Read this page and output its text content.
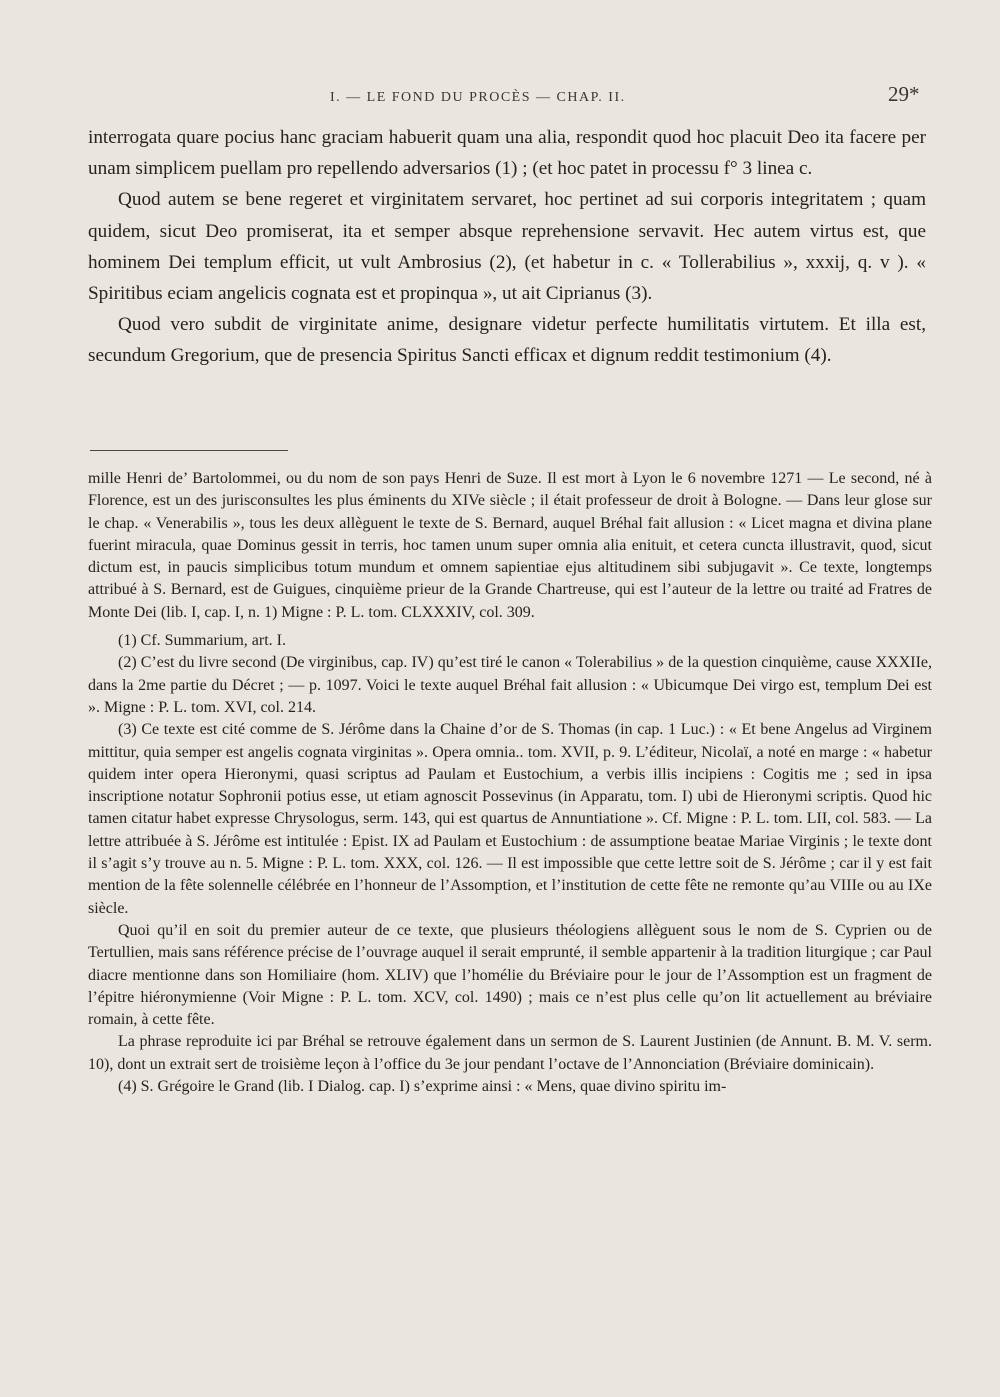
I. — LE FOND DU PROCÈS — CHAP. II.	29*

interrogata quare pocius hanc graciam habuerit quam una alia, respondit quod hoc placuit Deo ita facere per unam simplicem puellam pro repellendo adversarios (1) ; (et hoc patet in processu f° 3 linea c.

Quod autem se bene regeret et virginitatem servaret, hoc pertinet ad sui corporis integritatem ; quam quidem, sicut Deo promiserat, ita et semper absque reprehensione servavit. Hec autem virtus est, que hominem Dei templum efficit, ut vult Ambrosius (2), (et habetur in c. « Tollerabilius », xxxij, q. v ). « Spiritibus eciam angelicis cognata est et propinqua », ut ait Ciprianus (3).

Quod vero subdit de virginitate anime, designare videtur perfecte humilitatis virtutem. Et illa est, secundum Gregorium, que de presencia Spiritus Sancti efficax et dignum reddit testimonium (4).

mille Henri de’ Bartolommei, ou du nom de son pays Henri de Suze. Il est mort à Lyon le 6 novembre 1271 — Le second, né à Florence, est un des jurisconsultes les plus éminents du XIVe siècle ; il était professeur de droit à Bologne. — Dans leur glose sur le chap. « Venerabilis », tous les deux allèguent le texte de S. Bernard, auquel Bréhal fait allusion : « Licet magna et divina plane fuerint miracula, quae Dominus gessit in terris, hoc tamen unum super omnia alia enituit, et cetera cuncta illustravit, quod, sicut dictum est, in paucis simplicibus totum mundum et omnem sapientiae ejus altitudinem sibi subjugavit ». Ce texte, longtemps attribué à S. Bernard, est de Guigues, cinquième prieur de la Grande Chartreuse, qui est l’auteur de la lettre ou traité ad Fratres de Monte Dei (lib. I, cap. I, n. 1) Migne : P. L. tom. CLXXXIV, col. 309.

(1) Cf. Summarium, art. I.

(2) C’est du livre second (De virginibus, cap. IV) qu’est tiré le canon « Tolerabilius » de la question cinquième, cause XXXIIe, dans la 2me partie du Décret ; — p. 1097. Voici le texte auquel Bréhal fait allusion : « Ubicumque Dei virgo est, templum Dei est ». Migne : P. L. tom. XVI, col. 214.

(3) Ce texte est cité comme de S. Jérôme dans la Chaine d’or de S. Thomas (in cap. 1 Luc.) : « Et bene Angelus ad Virginem mittitur, quia semper est angelis cognata virginitas ». Opera omnia.. tom. XVII, p. 9. L’éditeur, Nicolaï, a noté en marge : « habetur quidem inter opera Hieronymi, quasi scriptus ad Paulam et Eustochium, a verbis illis incipiens : Cogitis me ; sed in ipsa inscriptione notatur Sophronii potius esse, ut etiam agnoscit Possevinus (in Apparatu, tom. I) ubi de Hieronymi scriptis. Quod hic tamen citatur habet expresse Chrysologus, serm. 143, qui est quartus de Annuntiatione ». Cf. Migne : P. L. tom. LII, col. 583. — La lettre attribuée à S. Jérôme est intitulée : Epist. IX ad Paulam et Eustochium : de assumptione beatae Mariae Virginis ; le texte dont il s’agit s’y trouve au n. 5. Migne : P. L. tom. XXX, col. 126. — Il est impossible que cette lettre soit de S. Jérôme ; car il y est fait mention de la fête solennelle célébrée en l’honneur de l’Assomption, et l’institution de cette fête ne remonte qu’au VIIIe ou au IXe siècle.

Quoi qu’il en soit du premier auteur de ce texte, que plusieurs théologiens allèguent sous le nom de S. Cyprien ou de Tertullien, mais sans référence précise de l’ouvrage auquel il serait emprunté, il semble appartenir à la tradition liturgique ; car Paul diacre mentionne dans son Homiliaire (hom. XLIV) que l’homélie du Bréviaire pour le jour de l’Assomption est un fragment de l’épitre hiéronymienne (Voir Migne : P. L. tom. XCV, col. 1490) ; mais ce n’est plus celle qu’on lit actuellement au bréviaire romain, à cette fête.

La phrase reproduite ici par Bréhal se retrouve également dans un sermon de S. Laurent Justinien (de Annunt. B. M. V. serm. 10), dont un extrait sert de troisième leçon à l’office du 3e jour pendant l’octave de l’Annonciation (Bréviaire dominicain).

(4) S. Grégoire le Grand (lib. I Dialog. cap. I) s’exprime ainsi : « Mens, quae divino spiritu im-
